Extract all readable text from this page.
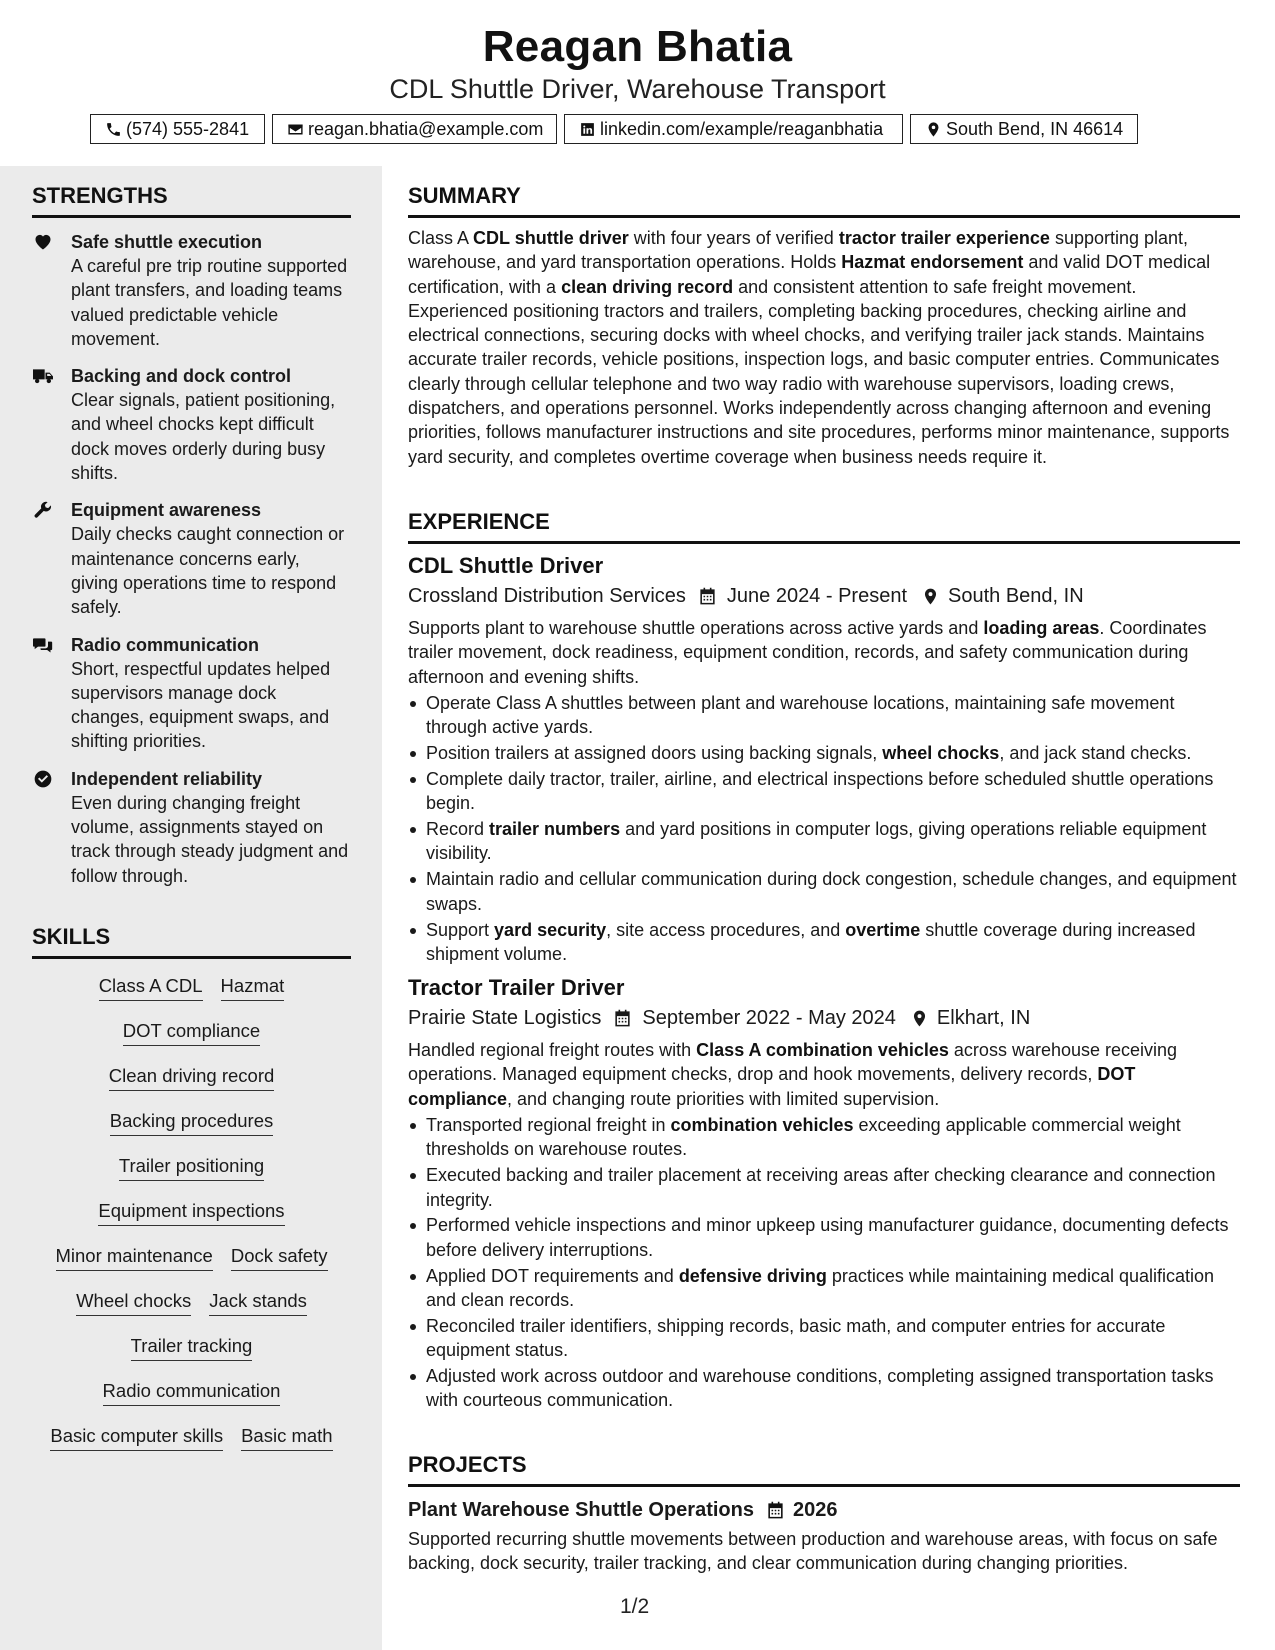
Reagan Bhatia
CDL Shuttle Driver, Warehouse Transport
(574) 555-2841	reagan.bhatia@example.com	linkedin.com/example/reaganbhatia	South Bend, IN 46614
STRENGTHS
Safe shuttle execution
A careful pre trip routine supported plant transfers, and loading teams valued predictable vehicle movement.
Backing and dock control
Clear signals, patient positioning, and wheel chocks kept difficult dock moves orderly during busy shifts.
Equipment awareness
Daily checks caught connection or maintenance concerns early, giving operations time to respond safely.
Radio communication
Short, respectful updates helped supervisors manage dock changes, equipment swaps, and shifting priorities.
Independent reliability
Even during changing freight volume, assignments stayed on track through steady judgment and follow through.
SKILLS
Class A CDL Hazmat
DOT compliance
Clean driving record
Backing procedures
Trailer positioning
Equipment inspections
Minor maintenance Dock safety
Wheel chocks Jack stands
Trailer tracking
Radio communication
Basic computer skills Basic math
SUMMARY
Class A CDL shuttle driver with four years of verified tractor trailer experience supporting plant, warehouse, and yard transportation operations. Holds Hazmat endorsement and valid DOT medical certification, with a clean driving record and consistent attention to safe freight movement. Experienced positioning tractors and trailers, completing backing procedures, checking airline and electrical connections, securing docks with wheel chocks, and verifying trailer jack stands. Maintains accurate trailer records, vehicle positions, inspection logs, and basic computer entries. Communicates clearly through cellular telephone and two way radio with warehouse supervisors, loading crews, dispatchers, and operations personnel. Works independently across changing afternoon and evening priorities, follows manufacturer instructions and site procedures, performs minor maintenance, supports yard security, and completes overtime coverage when business needs require it.
EXPERIENCE
CDL Shuttle Driver
Crossland Distribution Services June 2024 - Present South Bend, IN
Supports plant to warehouse shuttle operations across active yards and loading areas. Coordinates trailer movement, dock readiness, equipment condition, records, and safety communication during afternoon and evening shifts.
Operate Class A shuttles between plant and warehouse locations, maintaining safe movement through active yards.
Position trailers at assigned doors using backing signals, wheel chocks, and jack stand checks.
Complete daily tractor, trailer, airline, and electrical inspections before scheduled shuttle operations begin.
Record trailer numbers and yard positions in computer logs, giving operations reliable equipment visibility.
Maintain radio and cellular communication during dock congestion, schedule changes, and equipment swaps.
Support yard security, site access procedures, and overtime shuttle coverage during increased shipment volume.
Tractor Trailer Driver
Prairie State Logistics September 2022 - May 2024 Elkhart, IN
Handled regional freight routes with Class A combination vehicles across warehouse receiving operations. Managed equipment checks, drop and hook movements, delivery records, DOT compliance, and changing route priorities with limited supervision.
Transported regional freight in combination vehicles exceeding applicable commercial weight thresholds on warehouse routes.
Executed backing and trailer placement at receiving areas after checking clearance and connection integrity.
Performed vehicle inspections and minor upkeep using manufacturer guidance, documenting defects before delivery interruptions.
Applied DOT requirements and defensive driving practices while maintaining medical qualification and clean records.
Reconciled trailer identifiers, shipping records, basic math, and computer entries for accurate equipment status.
Adjusted work across outdoor and warehouse conditions, completing assigned transportation tasks with courteous communication.
PROJECTS
Plant Warehouse Shuttle Operations 2026
Supported recurring shuttle movements between production and warehouse areas, with focus on safe backing, dock security, trailer tracking, and clear communication during changing priorities.
1/2
